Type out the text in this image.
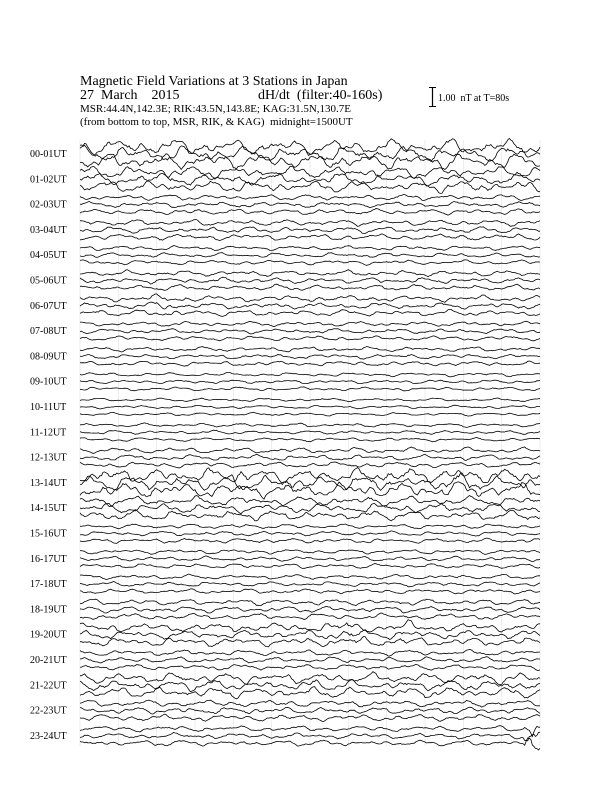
Magnetic Field Variations at 3 Stations in Japan
27  March    2015	dH/dt  (filter:40-160s)
MSR:44.4N,142.3E; RIK:43.5N,143.8E; KAG:31.5N,130.7E
(from bottom to top, MSR, RIK, & KAG)  midnight=1500UT
1.00  nT at T=80s
00-01UT
01-02UT
02-03UT
03-04UT
04-05UT
05-06UT
06-07UT
07-08UT
08-09UT
09-10UT
10-11UT
11-12UT
12-13UT
13-14UT
14-15UT
15-16UT
16-17UT
17-18UT
18-19UT
19-20UT
20-21UT
21-22UT
22-23UT
23-24UT
